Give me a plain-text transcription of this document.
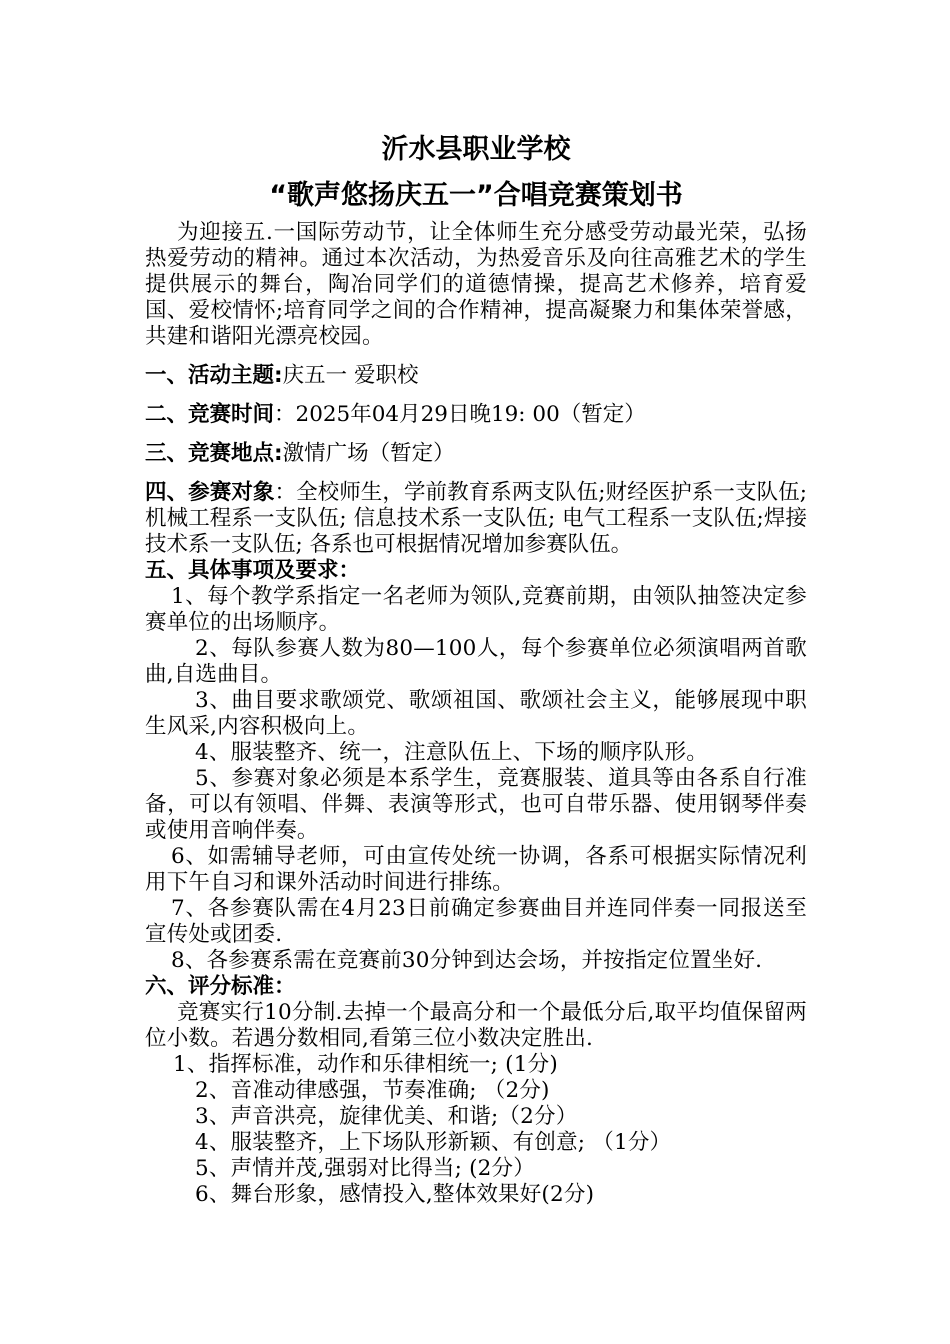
沂水县职业学校
“歌声悠扬庆五一”合唱竞赛策划书

为迎接五.一国际劳动节，让全体师生充分感受劳动最光荣，弘扬热爱劳动的精神。通过本次活动，为热爱音乐及向往高雅艺术的学生提供展示的舞台，陶冶同学们的道德情操，提高艺术修养，培育爱国、爱校情怀;培育同学之间的合作精神，提高凝聚力和集体荣誉感，共建和谐阳光漂亮校园。

一、活动主题:庆五一 爱职校

二、竞赛时间：2025年04月29日晚19: 00（暂定）

三、竞赛地点:激情广场（暂定）

四、参赛对象：全校师生，学前教育系两支队伍;财经医护系一支队伍;机械工程系一支队伍; 信息技术系一支队伍; 电气工程系一支队伍;焊接技术系一支队伍; 各系也可根据情况增加参赛队伍。

五、具体事项及要求：

1、每个教学系指定一名老师为领队,竞赛前期，由领队抽签决定参赛单位的出场顺序。

2、每队参赛人数为80—100人，每个参赛单位必须演唱两首歌曲,自选曲目。

3、曲目要求歌颂党、歌颂祖国、歌颂社会主义，能够展现中职生风采,内容积极向上。

4、服装整齐、统一，注意队伍上、下场的顺序队形。

5、参赛对象必须是本系学生，竞赛服装、道具等由各系自行准备，可以有领唱、伴舞、表演等形式，也可自带乐器、使用钢琴伴奏或使用音响伴奏。

6、如需辅导老师，可由宣传处统一协调，各系可根据实际情况利用下午自习和课外活动时间进行排练。

7、各参赛队需在4月23日前确定参赛曲目并连同伴奏一同报送至宣传处或团委.

8、各参赛系需在竞赛前30分钟到达会场，并按指定位置坐好.

六、评分标准：

竞赛实行10分制.去掉一个最高分和一个最低分后,取平均值保留两位小数。若遇分数相同,看第三位小数决定胜出.

1、指挥标准，动作和乐律相统一; (1分)

2、音准动律感强，节奏准确; （2分)

3、声音洪亮，旋律优美、和谐;（2分）

4、服装整齐，上下场队形新颖、有创意; （1分）

5、声情并茂,强弱对比得当; (2分）

6、舞台形象，感情投入,整体效果好(2分)
